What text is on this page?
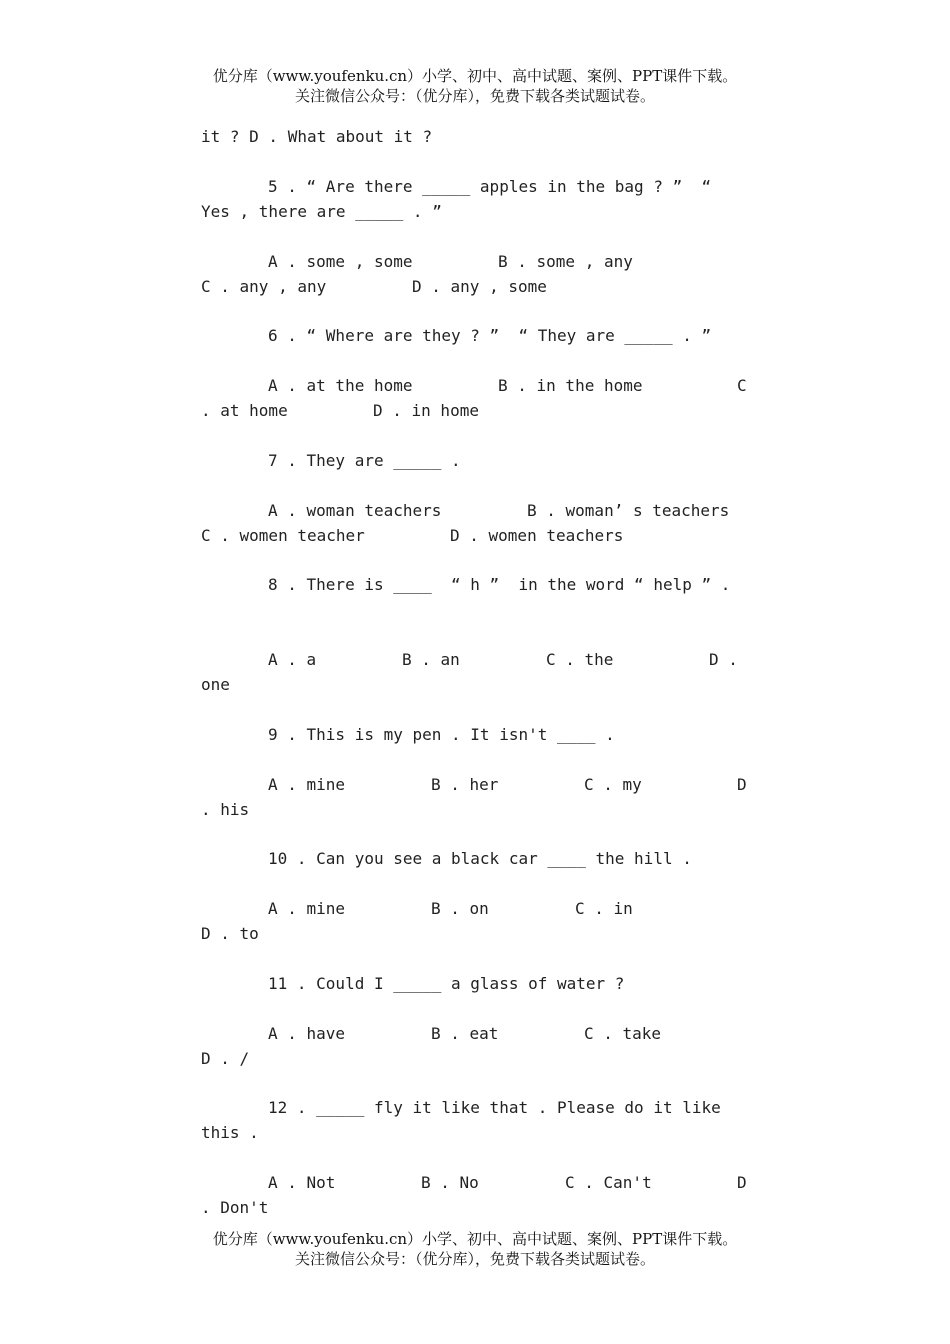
优分库（www.youfenku.cn）小学、初中、高中试题、案例、PPT课件下载。
关注微信公众号：（优分库），免费下载各类试题试卷。
it ? D . What about it ?
5 . “ Are there _____ apples in the bag ? ”  “
Yes , there are _____ . ”
A . some , some	B . some , any
C . any , any	D . any , some
6 . “ Where are they ? ”  “ They are _____ . ”
A . at the home	B . in the home	C
. at home	D . in home
7 . They are _____ .
A . woman teachers	B . woman’ s teachers
C . women teacher	D . women teachers
8 . There is ____  “ h ”  in the word “ help ” .
A . a	B . an	C . the	D .
one
9 . This is my pen . It isn't ____ .
A . mine	B . her	C . my	D
. his
10 . Can you see a black car ____ the hill .
A . mine	B . on	C . in
D . to
11 . Could I _____ a glass of water ?
A . have	B . eat	C . take
D . /
12 . _____ fly it like that . Please do it like
this .
A . Not	B . No	C . Can't	D
. Don't
优分库（www.youfenku.cn）小学、初中、高中试题、案例、PPT课件下载。
关注微信公众号：（优分库），免费下载各类试题试卷。
